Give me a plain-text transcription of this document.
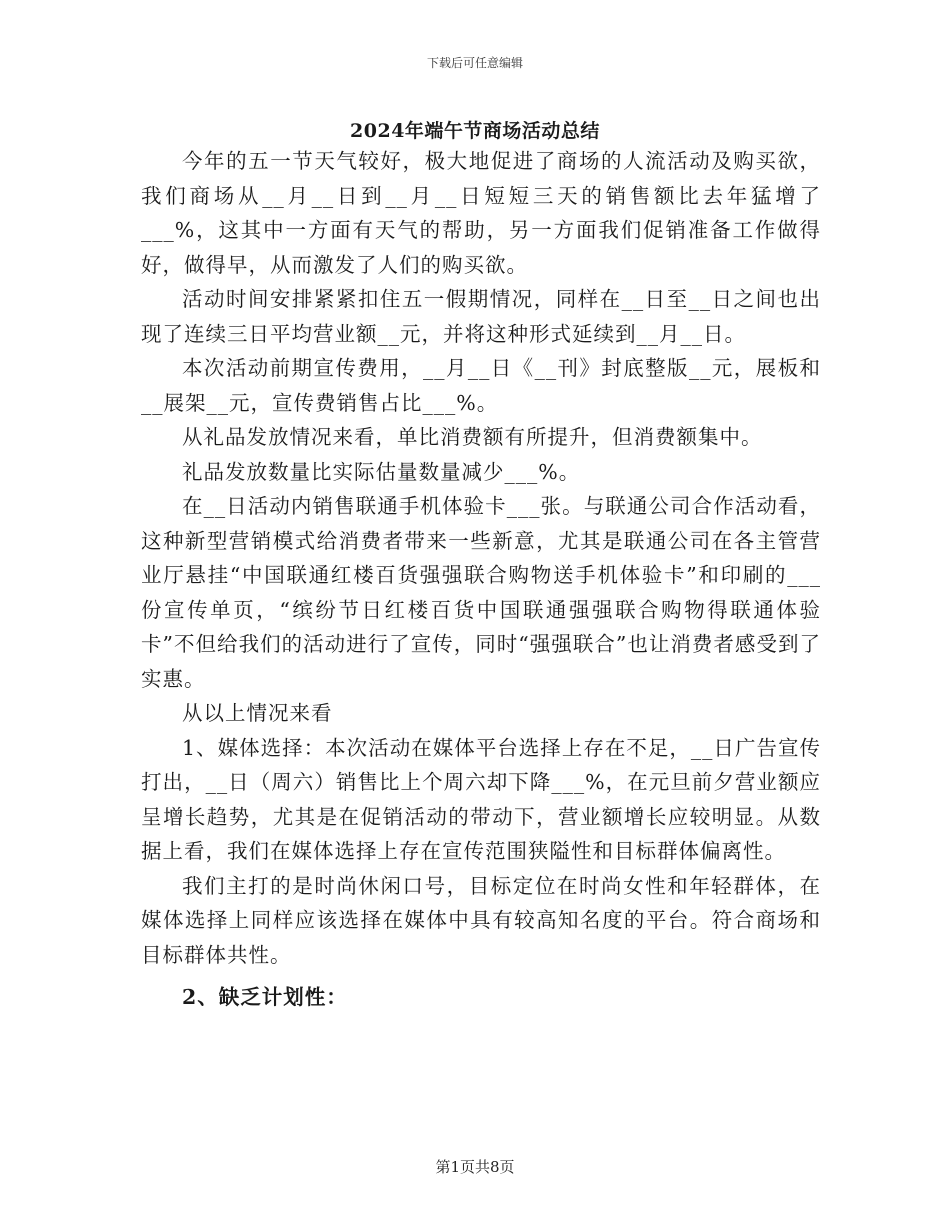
下载后可任意编辑
2024年端午节商场活动总结

今年的五一节天气较好，极大地促进了商场的人流活动及购买欲，我们商场从__月__日到__月__日短短三天的销售额比去年猛增了___%，这其中一方面有天气的帮助，另一方面我们促销准备工作做得好，做得早，从而激发了人们的购买欲。

活动时间安排紧紧扣住五一假期情况，同样在__日至__日之间也出现了连续三日平均营业额__元，并将这种形式延续到__月__日。

本次活动前期宣传费用，__月__日《__刊》封底整版__元，展板和__展架__元，宣传费销售占比___%。

从礼品发放情况来看，单比消费额有所提升，但消费额集中。

礼品发放数量比实际估量数量减少___%。

在__日活动内销售联通手机体验卡___张。与联通公司合作活动看，这种新型营销模式给消费者带来一些新意，尤其是联通公司在各主管营业厅悬挂“中国联通红楼百货强强联合购物送手机体验卡”和印刷的___份宣传单页，“缤纷节日红楼百货中国联通强强联合购物得联通体验卡”不但给我们的活动进行了宣传，同时“强强联合”也让消费者感受到了实惠。

从以上情况来看

1、媒体选择：本次活动在媒体平台选择上存在不足，__日广告宣传打出，__日（周六）销售比上个周六却下降___%，在元旦前夕营业额应呈增长趋势，尤其是在促销活动的带动下，营业额增长应较明显。从数据上看，我们在媒体选择上存在宣传范围狭隘性和目标群体偏离性。

我们主打的是时尚休闲口号，目标定位在时尚女性和年轻群体，在媒体选择上同样应该选择在媒体中具有较高知名度的平台。符合商场和目标群体共性。

2、缺乏计划性：

第1页共8页
